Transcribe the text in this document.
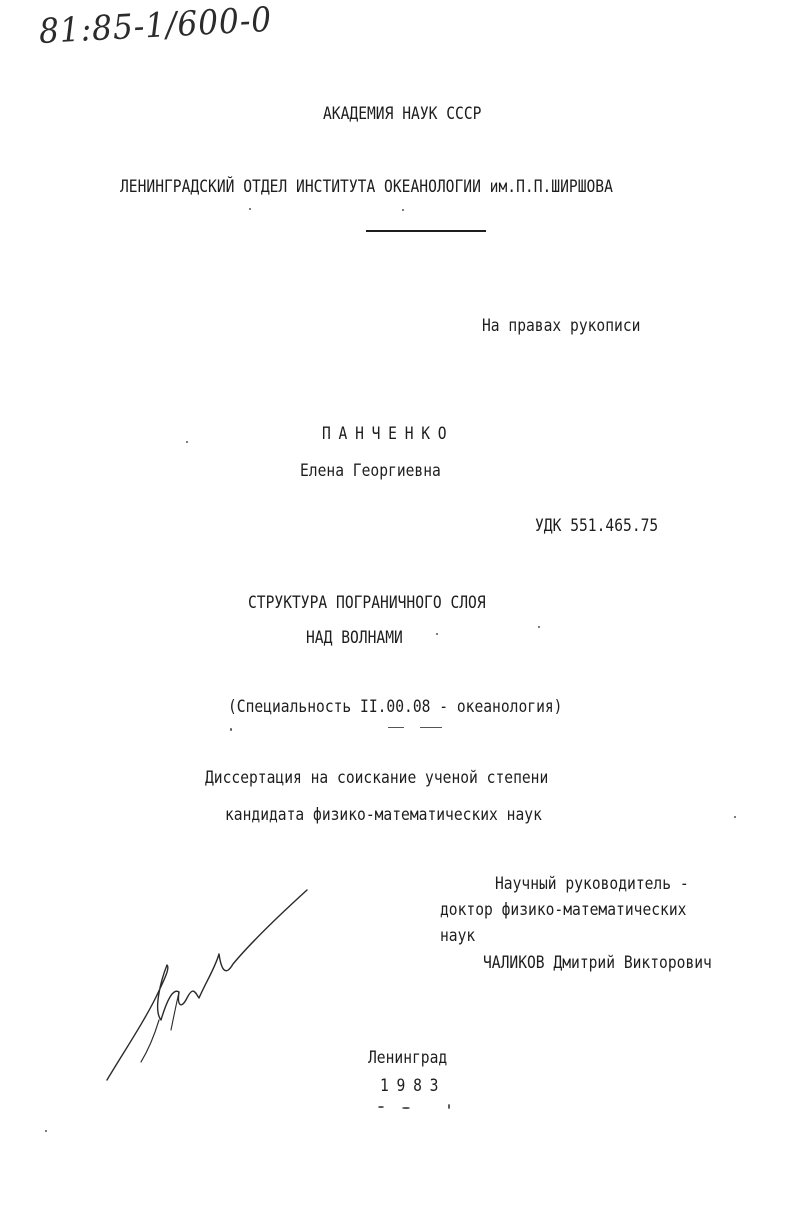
81:85-1/600-0
АКАДЕМИЯ НАУК СССР
ЛЕНИНГРАДСКИЙ ОТДЕЛ ИНСТИТУТА ОКЕАНОЛОГИИ им.П.П.ШИРШОВА
На правах рукописи
ПАНЧЕНКО
Елена Георгиевна
УДК 551.465.75
СТРУКТУРА ПОГРАНИЧНОГО СЛОЯ
НАД ВОЛНАМИ
(Специальность II.00.08 - океанология)
Диссертация на соискание ученой степени
кандидата физико-математических наук
Научный руководитель -
доктор физико-математических
наук
ЧАЛИКОВ Дмитрий Викторович
Ленинград
1983
